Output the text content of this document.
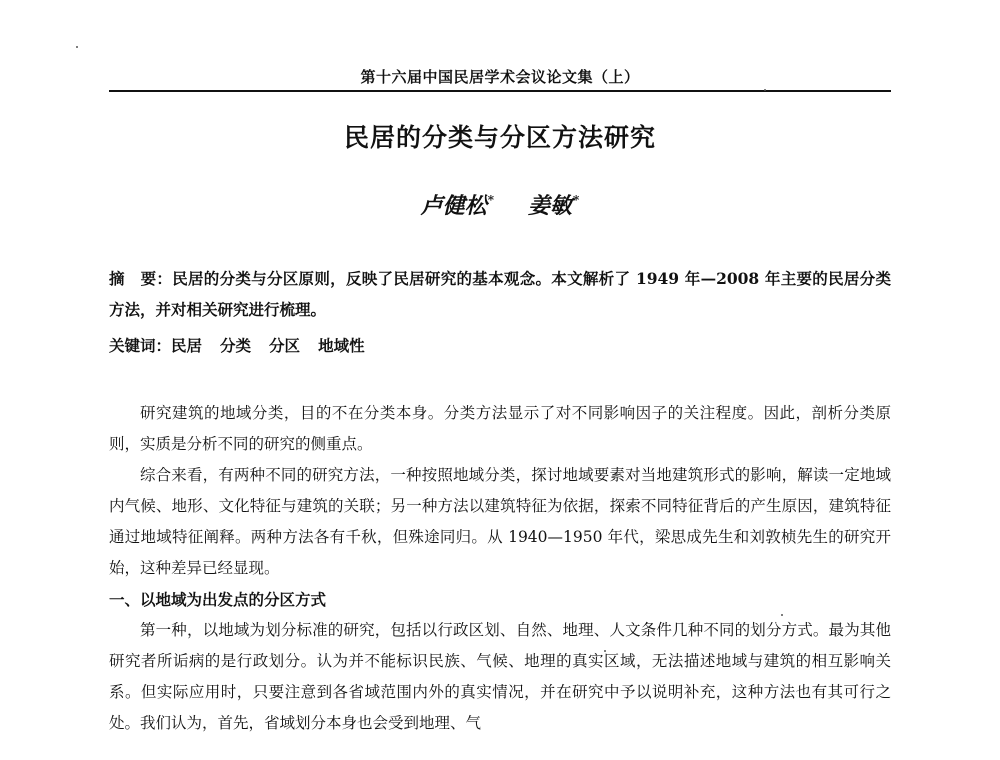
第十六届中国民居学术会议论文集（上）
民居的分类与分区方法研究
卢健松* 姜敏*
摘　要：民居的分类与分区原则，反映了民居研究的基本观念。本文解析了 1949 年—2008 年主要的民居分类方法，并对相关研究进行梳理。
关键词：民居 分类 分区 地域性

研究建筑的地域分类，目的不在分类本身。分类方法显示了对不同影响因子的关注程度。因此，剖析分类原则，实质是分析不同的研究的侧重点。

综合来看，有两种不同的研究方法，一种按照地域分类，探讨地域要素对当地建筑形式的影响，解读一定地域内气候、地形、文化特征与建筑的关联；另一种方法以建筑特征为依据，探索不同特征背后的产生原因，建筑特征通过地域特征阐释。两种方法各有千秋，但殊途同归。从 1940—1950 年代，梁思成先生和刘敦桢先生的研究开始，这种差异已经显现。

一、以地域为出发点的分区方式

第一种，以地域为划分标准的研究，包括以行政区划、自然、地理、人文条件几种不同的划分方式。最为其他研究者所诟病的是行政划分。认为并不能标识民族、气候、地理的真实区域，无法描述地域与建筑的相互影响关系。但实际应用时，只要注意到各省域范围内外的真实情况，并在研究中予以说明补充，这种方法也有其可行之处。我们认为，首先，省域划分本身也会受到地理、气
